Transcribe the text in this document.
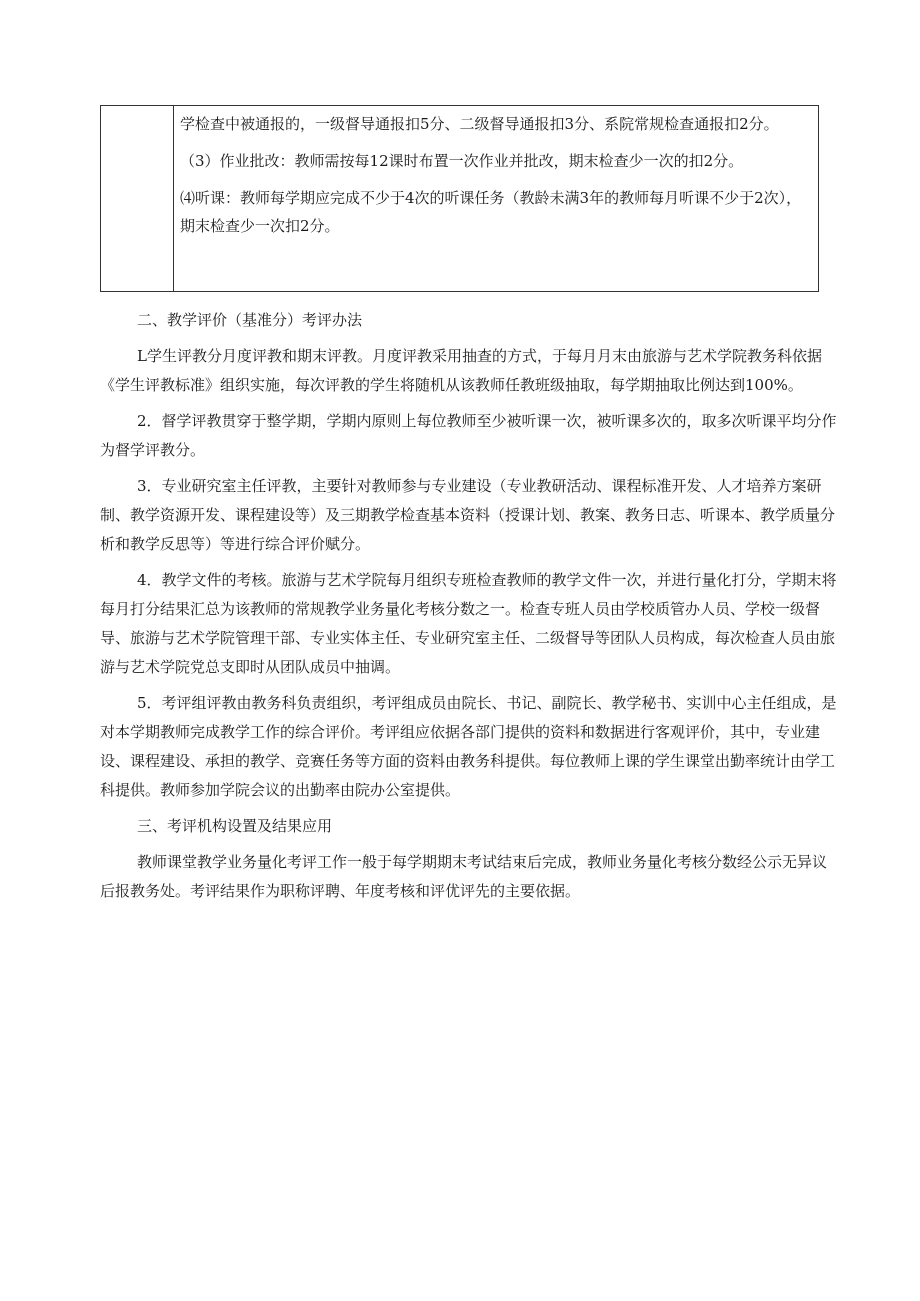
学检查中被通报的，一级督导通报扣5分、二级督导通报扣3分、系院常规检查通报扣2分。

（3）作业批改：教师需按每12课时布置一次作业并批改，期末检查少一次的扣2分。

⑷听课：教师每学期应完成不少于4次的听课任务（教龄未满3年的教师每月听课不少于2次），期末检查少一次扣2分。

二、教学评价（基准分）考评办法

L学生评教分月度评教和期末评教。月度评教采用抽查的方式，于每月月末由旅游与艺术学院教务科依据《学生评教标准》组织实施，每次评教的学生将随机从该教师任教班级抽取，每学期抽取比例达到100%。

2．督学评教贯穿于整学期，学期内原则上每位教师至少被听课一次，被听课多次的，取多次听课平均分作为督学评教分。

3．专业研究室主任评教，主要针对教师参与专业建设（专业教研活动、课程标准开发、人才培养方案研制、教学资源开发、课程建设等）及三期教学检查基本资料（授课计划、教案、教务日志、听课本、教学质量分析和教学反思等）等进行综合评价赋分。

4．教学文件的考核。旅游与艺术学院每月组织专班检查教师的教学文件一次，并进行量化打分，学期末将每月打分结果汇总为该教师的常规教学业务量化考核分数之一。检查专班人员由学校质管办人员、学校一级督导、旅游与艺术学院管理干部、专业实体主任、专业研究室主任、二级督导等团队人员构成，每次检查人员由旅游与艺术学院党总支即时从团队成员中抽调。

5．考评组评教由教务科负责组织，考评组成员由院长、书记、副院长、教学秘书、实训中心主任组成，是对本学期教师完成教学工作的综合评价。考评组应依据各部门提供的资料和数据进行客观评价，其中，专业建设、课程建设、承担的教学、竞赛任务等方面的资料由教务科提供。每位教师上课的学生课堂出勤率统计由学工科提供。教师参加学院会议的出勤率由院办公室提供。

三、考评机构设置及结果应用

教师课堂教学业务量化考评工作一般于每学期期末考试结束后完成，教师业务量化考核分数经公示无异议后报教务处。考评结果作为职称评聘、年度考核和评优评先的主要依据。
